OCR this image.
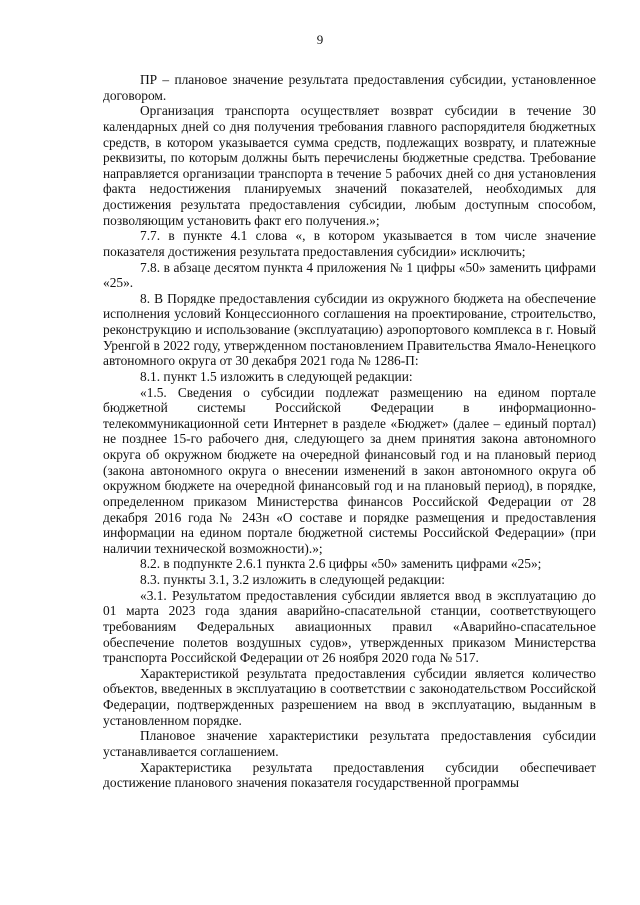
9

ПР – плановое значение результата предоставления субсидии, установленное договором.

Организация транспорта осуществляет возврат субсидии в течение 30 календарных дней со дня получения требования главного распорядителя бюджетных средств, в котором указывается сумма средств, подлежащих возврату, и платежные реквизиты, по которым должны быть перечислены бюджетные средства. Требование направляется организации транспорта в течение 5 рабочих дней со дня установления факта недостижения планируемых значений показателей, необходимых для достижения результата предоставления субсидии, любым доступным способом, позволяющим установить факт его получения.»;

7.7. в пункте 4.1 слова «, в котором указывается в том числе значение показателя достижения результата предоставления субсидии» исключить;

7.8. в абзаце десятом пункта 4 приложения № 1 цифры «50» заменить цифрами «25».

8. В Порядке предоставления субсидии из окружного бюджета на обеспечение исполнения условий Концессионного соглашения на проектирование, строительство, реконструкцию и использование (эксплуатацию) аэропортового комплекса в г. Новый Уренгой в 2022 году, утвержденном постановлением Правительства Ямало-Ненецкого автономного округа от 30 декабря 2021 года № 1286-П:

8.1. пункт 1.5 изложить в следующей редакции:

«1.5. Сведения о субсидии подлежат размещению на едином портале бюджетной системы Российской Федерации в информационно-телекоммуникационной сети Интернет в разделе «Бюджет» (далее – единый портал) не позднее 15-го рабочего дня, следующего за днем принятия закона автономного округа об окружном бюджете на очередной финансовый год и на плановый период (закона автономного округа о внесении изменений в закон автономного округа об окружном бюджете на очередной финансовый год и на плановый период), в порядке, определенном приказом Министерства финансов Российской Федерации от 28 декабря 2016 года № 243н «О составе и порядке размещения и предоставления информации на едином портале бюджетной системы Российской Федерации» (при наличии технической возможности).»;

8.2. в подпункте 2.6.1 пункта 2.6 цифры «50» заменить цифрами «25»;

8.3. пункты 3.1, 3.2 изложить в следующей редакции:

«3.1. Результатом предоставления субсидии является ввод в эксплуатацию до 01 марта 2023 года здания аварийно-спасательной станции, соответствующего требованиям Федеральных авиационных правил «Аварийно-спасательное обеспечение полетов воздушных судов», утвержденных приказом Министерства транспорта Российской Федерации от 26 ноября 2020 года № 517.

Характеристикой результата предоставления субсидии является количество объектов, введенных в эксплуатацию в соответствии с законодательством Российской Федерации, подтвержденных разрешением на ввод в эксплуатацию, выданным в установленном порядке.

Плановое значение характеристики результата предоставления субсидии устанавливается соглашением.

Характеристика результата предоставления субсидии обеспечивает достижение планового значения показателя государственной программы
